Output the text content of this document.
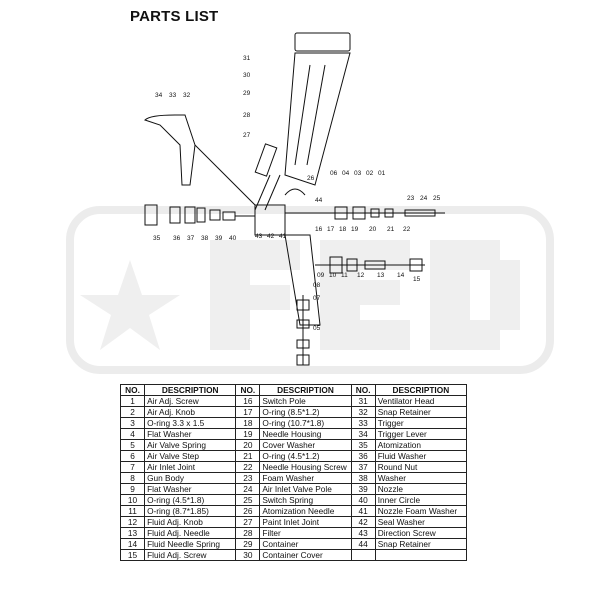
PARTS LIST
31
30
29
28
27
34 33 32
26
06 04 03 02 01
44	23 24 25
35 36 37 38 39 40
16 17 18 19 20 21 22
43 42 41
09 10 11 12 13 14
15
08
07
05
NO.	DESCRIPTION	NO.	DESCRIPTION	NO.	DESCRIPTION
1	Air Adj. Screw	16	Switch Pole	31	Ventilator Head
2	Air Adj. Knob	17	O-ring (8.5*1.2)	32	Snap Retainer
3	O-ring 3.3 x 1.5	18	O-ring (10.7*1.8)	33	Trigger
4	Flat Washer	19	Needle Housing	34	Trigger Lever
5	Air Valve Spring	20	Cover Washer	35	Atomization
6	Air Valve Step	21	O-ring (4.5*1.2)	36	Fluid Washer
7	Air Inlet Joint	22	Needle Housing Screw	37	Round Nut
8	Gun Body	23	Foam Washer	38	Washer
9	Flat Washer	24	Air Inlet Valve Pole	39	Nozzle
10	O-ring (4.5*1.8)	25	Switch Spring	40	Inner Circle
11	O-ring (8.7*1.85)	26	Atomization Needle	41	Nozzle Foam Washer
12	Fluid Adj. Knob	27	Paint Inlet Joint	42	Seal Washer
13	Fluid Adj. Needle	28	Filter	43	Direction Screw
14	Fluid Needle Spring	29	Container	44	Snap Retainer
15	Fluid Adj. Screw	30	Container Cover		
